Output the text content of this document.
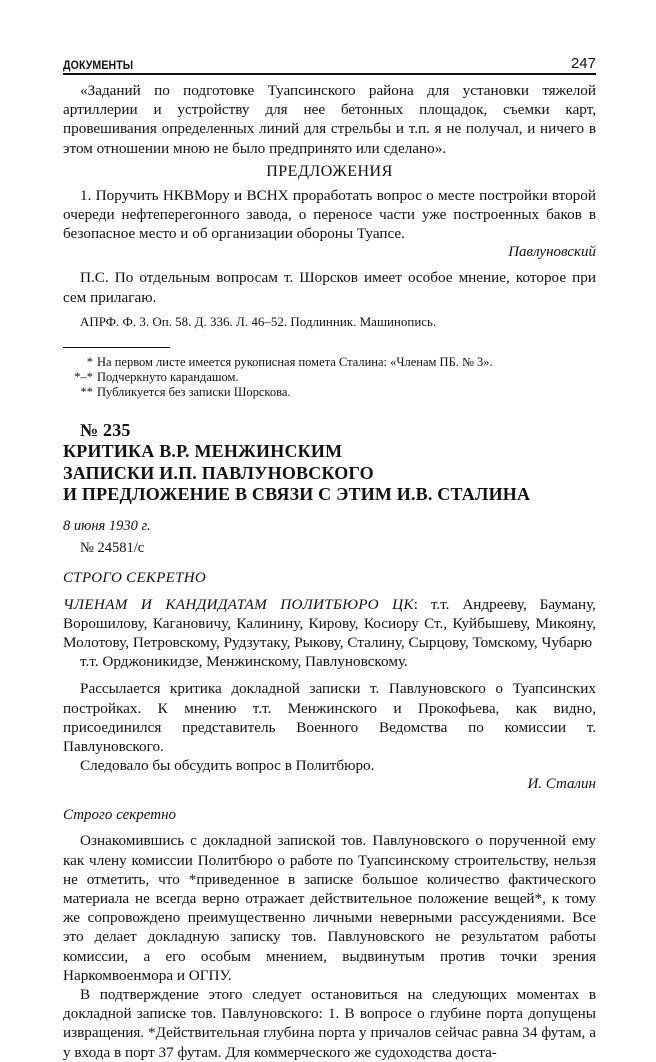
ДОКУМЕНТЫ	247

«Заданий по подготовке Туапсинского района для установки тяжелой артиллерии и устройству для нее бетонных площадок, съемки карт, провешивания определенных линий для стрельбы и т.п. я не получал, и ничего в этом отношении мною не было предпринято или сделано».

ПРЕДЛОЖЕНИЯ

1. Поручить НКВМору и ВСНХ проработать вопрос о месте постройки второй очереди нефтеперегонного завода, о переносе части уже построенных баков в безопасное место и об организации обороны Туапсе.

Павлуновский

П.С. По отдельным вопросам т. Шорсков имеет особое мнение, которое при сем прилагаю.

АПРФ. Ф. 3. Оп. 58. Д. 336. Л. 46–52. Подлинник. Машинопись.

* На первом листе имеется рукописная помета Сталина: «Членам ПБ. № 3».
*–* Подчеркнуто карандашом.
** Публикуется без записки Шорскова.
№ 235
КРИТИКА В.Р. МЕНЖИНСКИМ
ЗАПИСКИ И.П. ПАВЛУНОВСКОГО
И ПРЕДЛОЖЕНИЕ В СВЯЗИ С ЭТИМ И.В. СТАЛИНА
8 июня 1930 г.
№ 24581/с
СТРОГО СЕКРЕТНО

ЧЛЕНАМ И КАНДИДАТАМ ПОЛИТБЮРО ЦК: т.т. Андрееву, Бауману, Ворошилову, Кагановичу, Калинину, Кирову, Косиору Ст., Куйбышеву, Микояну, Молотову, Петровскому, Рудзутаку, Рыкову, Сталину, Сырцову, Томскому, Чубарю

т.т. Орджоникидзе, Менжинскому, Павлуновскому.

Рассылается критика докладной записки т. Павлуновского о Туапсинских постройках. К мнению т.т. Менжинского и Прокофьева, как видно, присоединился представитель Военного Ведомства по комиссии т. Павлуновского.

Следовало бы обсудить вопрос в Политбюро.

И. Сталин
Строго секретно

Ознакомившись с докладной запиской тов. Павлуновского о порученной ему как члену комиссии Политбюро о работе по Туапсинскому строительству, нельзя не отметить, что *приведенное в записке большое количество фактического материала не всегда верно отражает действительное положение вещей*, к тому же сопровождено преимущественно личными неверными рассуждениями. Все это делает докладную записку тов. Павлуновского не результатом работы комиссии, а его особым мнением, выдвинутым против точки зрения Наркомвоенмора и ОГПУ.

В подтверждение этого следует остановиться на следующих моментах в докладной записке тов. Павлуновского: 1. В вопросе о глубине порта допущены извращения. *Действительная глубина порта у причалов сейчас равна 34 футам, а у входа в порт 37 футам. Для коммерческого же судоходства доста-
